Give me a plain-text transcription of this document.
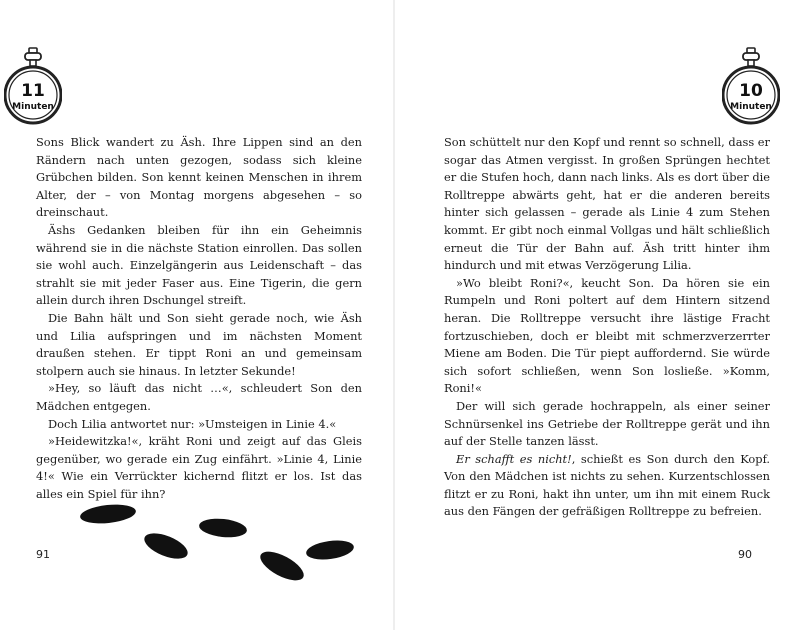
11
Minuten

Sons Blick wandert zu Äsh. Ihre Lippen sind an den Rändern nach unten gezogen, sodass sich kleine Grübchen bilden. Son kennt keinen Menschen in ihrem Alter, der – von Montag morgens abgesehen – so dreinschaut.

Äshs Gedanken bleiben für ihn ein Geheimnis während sie in die nächste Station einrollen. Das sollen sie wohl auch. Einzelgängerin aus Leidenschaft – das strahlt sie mit jeder Faser aus. Eine Tigerin, die gern allein durch ihren Dschungel streift.

Die Bahn hält und Son sieht gerade noch, wie Äsh und Lilia aufspringen und im nächsten Moment draußen stehen. Er tippt Roni an und gemeinsam stolpern auch sie hinaus. In letzter Sekunde!

»Hey, so läuft das nicht …«, schleudert Son den Mädchen entgegen.

Doch Lilia antwortet nur: »Umsteigen in Linie 4.«

»Heidewitzka!«, kräht Roni und zeigt auf das Gleis gegenüber, wo gerade ein Zug einfährt. »Linie 4, Linie 4!« Wie ein Verrückter kichernd flitzt er los. Ist das alles ein Spiel für ihn?

91
10
Minuten

Son schüttelt nur den Kopf und rennt so schnell, dass er sogar das Atmen vergisst. In großen Sprüngen hechtet er die Stufen hoch, dann nach links. Als es dort über die Rolltreppe abwärts geht, hat er die anderen bereits hinter sich gelassen – gerade als Linie 4 zum Stehen kommt. Er gibt noch einmal Vollgas und hält schließlich erneut die Tür der Bahn auf. Äsh tritt hinter ihm hindurch und mit etwas Verzögerung Lilia.

»Wo bleibt Roni?«, keucht Son. Da hören sie ein Rumpeln und Roni poltert auf dem Hintern sitzend heran. Die Rolltreppe versucht ihre lästige Fracht fortzuschieben, doch er bleibt mit schmerzverzerrter Miene am Boden. Die Tür piept auffordernd. Sie würde sich sofort schließen, wenn Son losließe. »Komm, Roni!«

Der will sich gerade hochrappeln, als einer seiner Schnürsenkel ins Getriebe der Rolltreppe gerät und ihn auf der Stelle tanzen lässt.

Er schafft es nicht!, schießt es Son durch den Kopf. Von den Mädchen ist nichts zu sehen. Kurzentschlossen flitzt er zu Roni, hakt ihn unter, um ihn mit einem Ruck aus den Fängen der gefräßigen Rolltreppe zu befreien.

90
